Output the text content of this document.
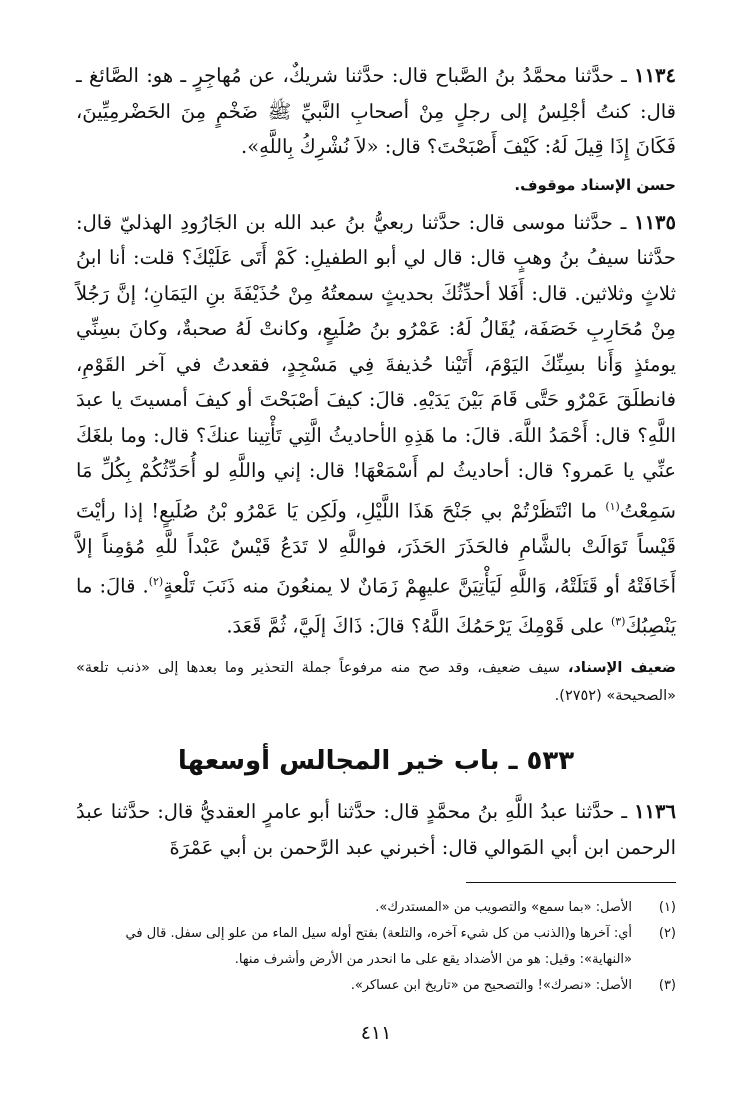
١١٣٤ ـ حدَّثنا محمَّدُ بنُ الصَّباح قال: حدَّثنا شريكٌ، عن مُهاجِرٍ ـ هو: الصَّائغ ـ قال: كنتُ أجْلِسُ إلى رجلٍ مِنْ أصحابِ النَّبيِّ ﷺ ضَخْمٍ مِنَ الحَضْرمِيِّينَ، فَكَانَ إِذَا قِيلَ لَهُ: كَيْفَ أَصْبَحْتَ؟ قال: «لاَ نُشْرِكُ بِاللَّهِ».

حسن الإسناد موقوف.

١١٣٥ ـ حدَّثنا موسى قال: حدَّثنا ربعيُّ بنُ عبد الله بن الجَارُودِ الهذليّ قال: حدَّثنا سيفُ بنُ وهبٍ قال: قال لي أبو الطفيلِ: كَمْ أَتَى عَلَيْكَ؟ قلت: أنا ابنُ ثلاثٍ وثلاثين. قال: أَفَلا أحدِّثُكَ بحديثٍ سمعتُهُ مِنْ حُذَيْفَةَ بنِ اليَمَانِ؛ إنَّ رَجُلاً مِنْ مُحَارِبِ خَصَفَة، يُقَالُ لَهُ: عَمْرُو بنُ صُلَيعٍ، وكانتْ لَهُ صحبةٌ، وكانَ بسِنِّي يومئذٍ وَأَنا بسِنِّكَ اليَوْمَ، أَتَيْنا حُذيفةَ فِي مَسْجِدٍ، فقعدتُ في آخر القَوْمِ، فانطلَقَ عَمْرٌو حَتَّى قَامَ بَيْنَ يَدَيْهِ. قالَ: كيفَ أصْبَحْتَ أو كيفَ أمسيتَ يا عبدَ اللَّهِ؟ قال: أَحْمَدُ اللَّهَ. قالَ: ما هَذِهِ الأحاديثُ الَّتِي تَأْتِينا عنكَ؟ قال: وما بلغَكَ عنِّي يا عَمرو؟ قال: أحاديثُ لم أَسْمَعْهَا! قال: إني واللَّهِ لو أُحَدِّثُكُمْ بِكُلِّ مَا سَمِعْتُ$^{(١)}$ ما انْتَظَرْتُمْ بي جَنْحَ هَذَا اللَّيْلِ، ولَكِن يَا عَمْرُو بْنُ صُلَيعٍ! إذا رأيْتَ قَيْساً تَوَالَتْ بالشَّامِ فالحَذَرَ الحَذَرَ، فواللَّهِ لا تَدَعُ قَيْسٌ عَبْداً للَّهِ مُؤمِناً إلاَّ أَخَافَتْهُ أو قَتَلَتْهُ، وَاللَّهِ لَيَأْتِيَنَّ عليهِمْ زَمَانٌ لا يمنعُونَ منه ذَنَبَ تَلْعةٍ$^{(٢)}$. قالَ: ما يَنْصِبُكَ$^{(٣)}$ على قَوْمِكَ يَرْحَمُكَ اللَّهُ؟ قالَ: ذَاكَ إلَيَّ، ثُمَّ قَعَدَ.

ضعيف الإسناد، سيف ضعيف، وقد صح منه مرفوعاً جملة التحذير وما بعدها إلى «ذنب تلعة» «الصحيحة» (٢٧٥٢).
٥٣٣ ـ باب خير المجالس أوسعها

١١٣٦ ـ حدَّثنا عبدُ اللَّهِ بنُ محمَّدٍ قال: حدَّثنا أبو عامرٍ العقديُّ قال: حدَّثنا عبدُ الرحمن ابن أبي المَوالي قال: أخبرني عبد الرَّحمن بن أبي عَمْرَةَ

(١)
الأصل: «بما سمع» والتصويب من «المستدرك».
(٢)
أي: آخرها و(الذنب من كل شيء آخره، والتلعة) بفتح أوله سيل الماء من علو إلى سفل. قال في «النهاية»: وقيل: هو من الأضداد يقع على ما انحدر من الأرض وأشرف منها.
(٣)
الأصل: «نصرك»! والتصحيح من «تاريخ ابن عساكر».
٤١١
